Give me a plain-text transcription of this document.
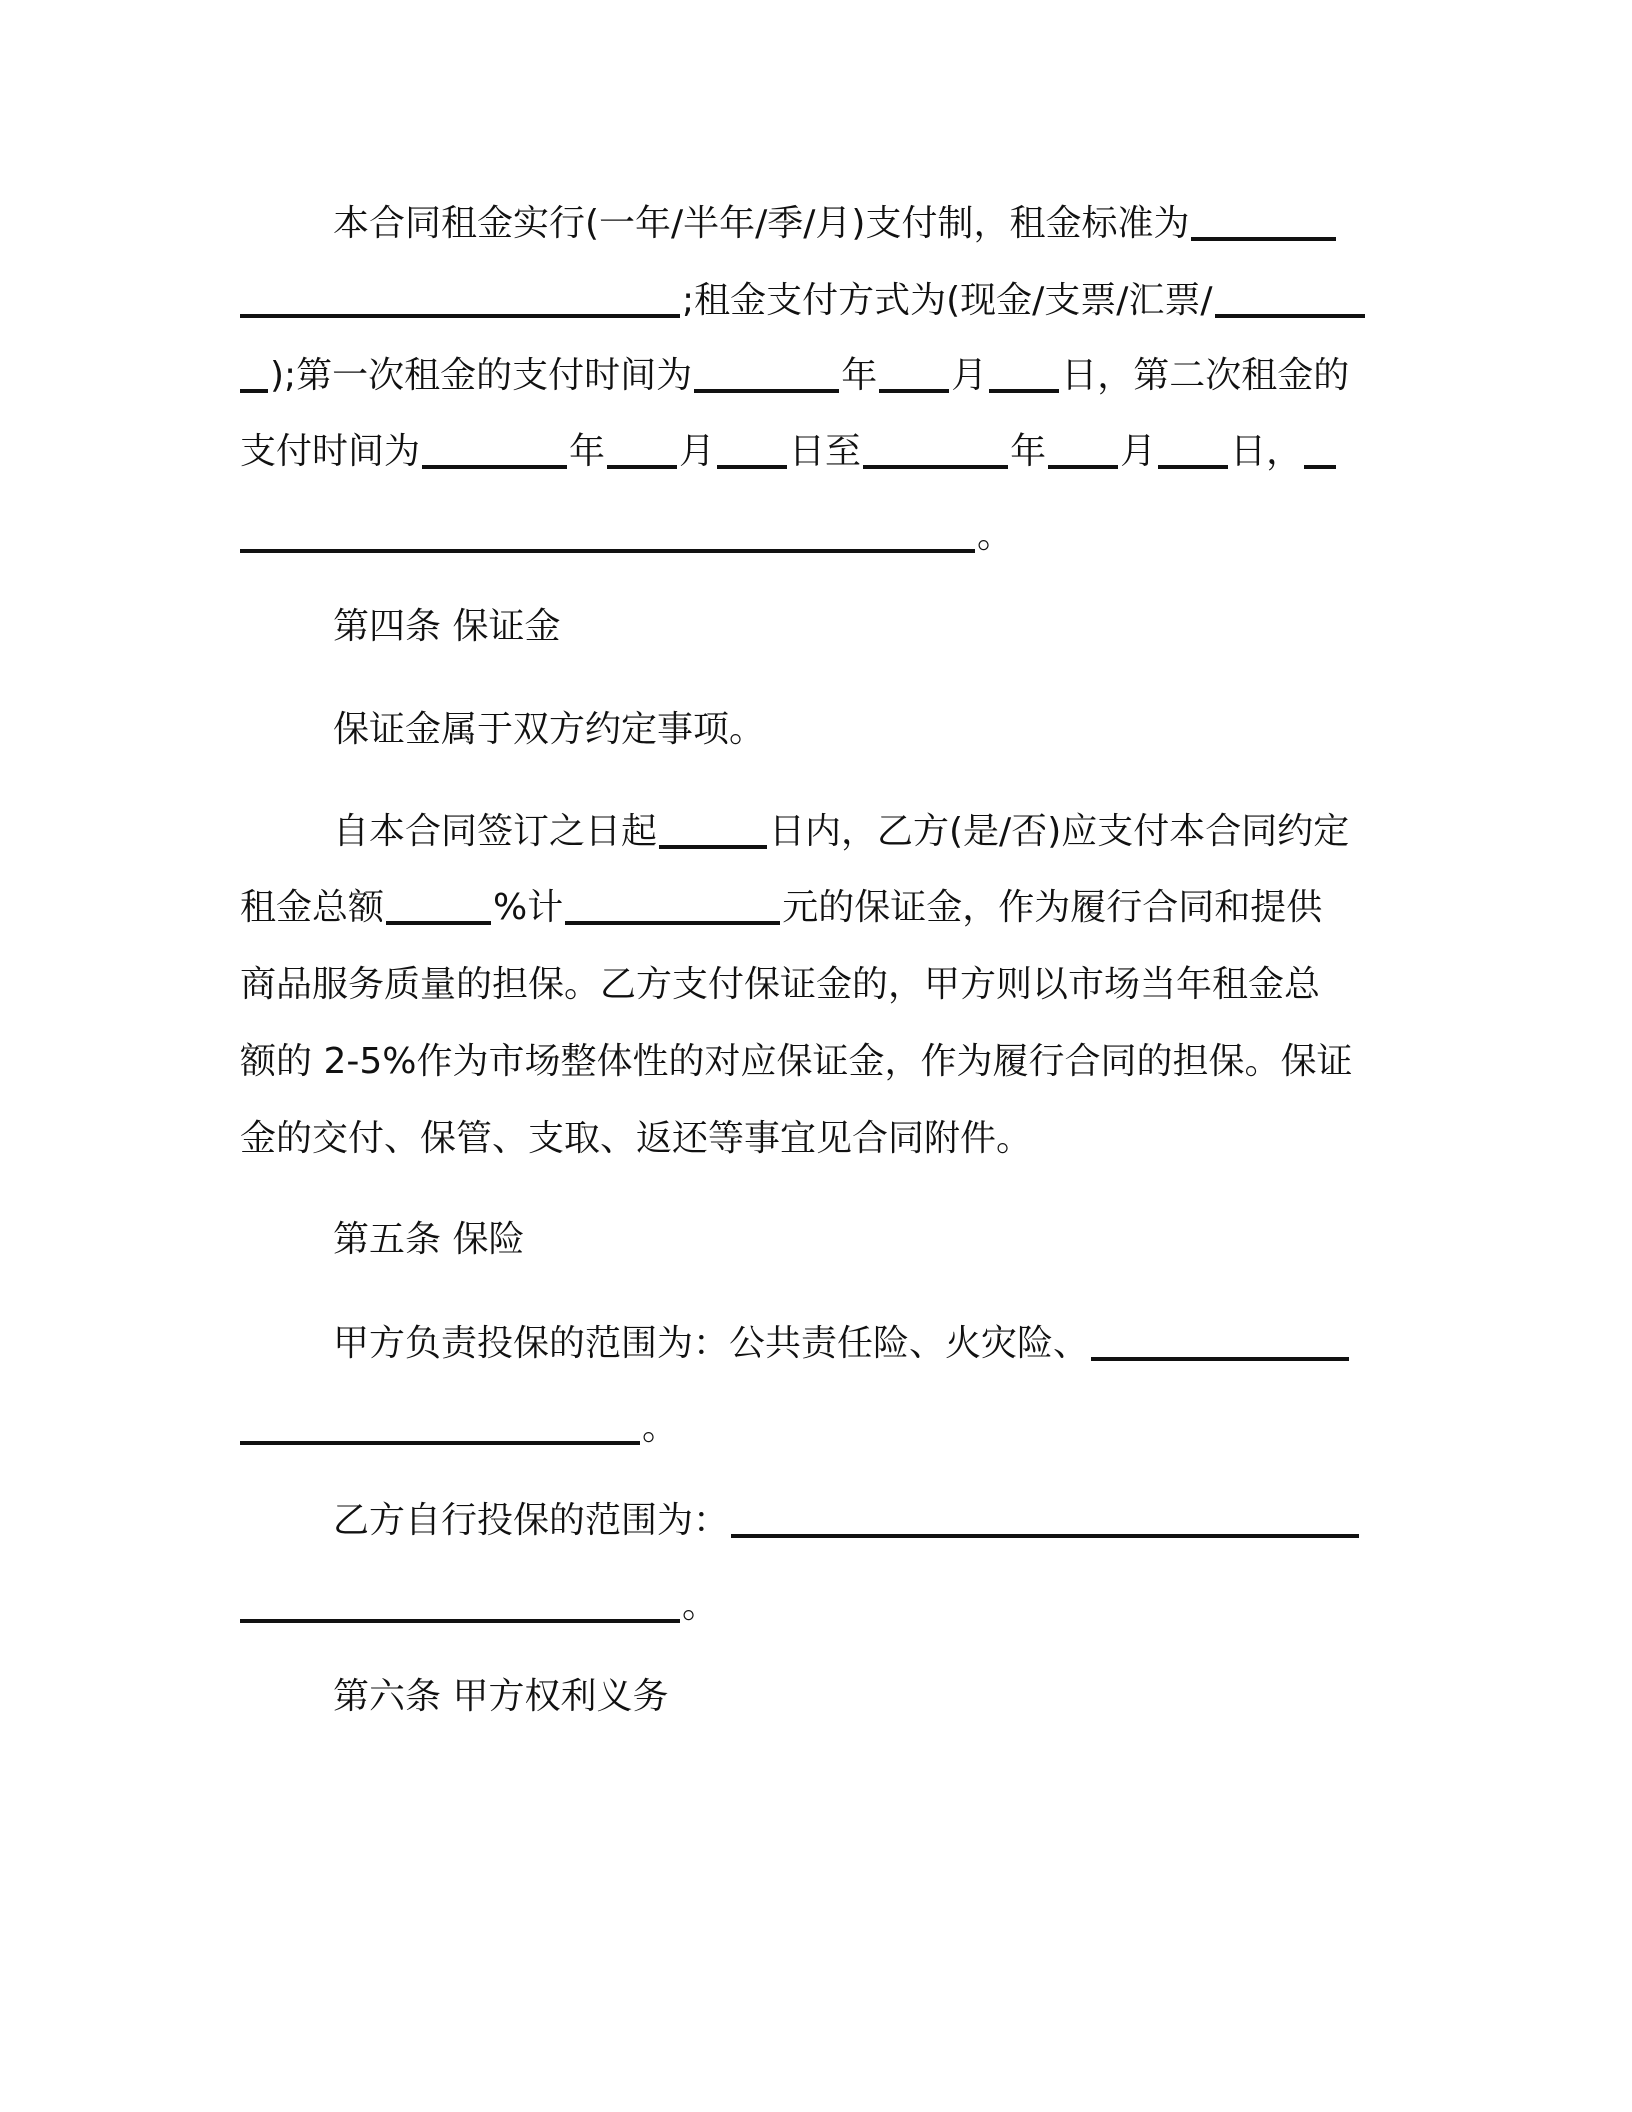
本合同租金实行(一年/半年/季/月)支付制，租金标准为
;租金支付方式为(现金/支票/汇票/
);第一次租金的支付时间为	年 月 日，第二次租金的
支付时间为	年 月 日至	年 月 日，
。
第四条 保证金
保证金属于双方约定事项。
自本合同签订之日起	日内，乙方(是/否)应支付本合同约定
租金总额	%计	元的保证金，作为履行合同和提供
商品服务质量的担保。乙方支付保证金的，甲方则以市场当年租金总
额的 2-5%作为市场整体性的对应保证金，作为履行合同的担保。保证
金的交付、保管、支取、返还等事宜见合同附件。
第五条 保险
甲方负责投保的范围为：公共责任险、火灾险、
。
乙方自行投保的范围为：
。
第六条 甲方权利义务
